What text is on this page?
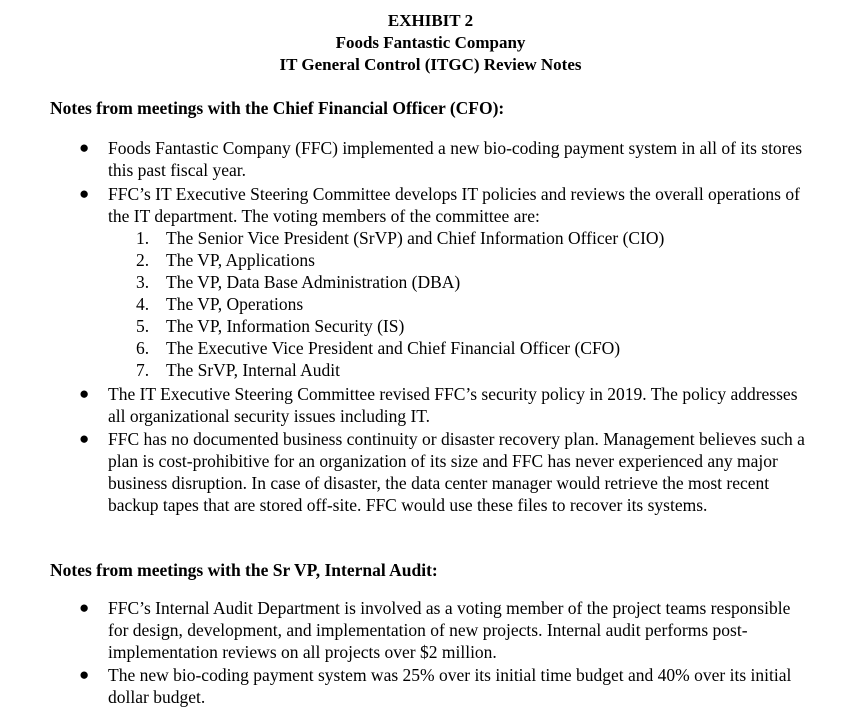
EXHIBIT 2
Foods Fantastic Company
IT General Control (ITGC) Review Notes
Notes from meetings with the Chief Financial Officer (CFO):
● Foods Fantastic Company (FFC) implemented a new bio-coding payment system in all of its stores this past fiscal year.
● FFC’s IT Executive Steering Committee develops IT policies and reviews the overall operations of the IT department. The voting members of the committee are:
1. The Senior Vice President (SrVP) and Chief Information Officer (CIO)
2. The VP, Applications
3. The VP, Data Base Administration (DBA)
4. The VP, Operations
5. The VP, Information Security (IS)
6. The Executive Vice President and Chief Financial Officer (CFO)
7. The SrVP, Internal Audit
● The IT Executive Steering Committee revised FFC’s security policy in 2019. The policy addresses all organizational security issues including IT.
● FFC has no documented business continuity or disaster recovery plan. Management believes such a plan is cost-prohibitive for an organization of its size and FFC has never experienced any major business disruption. In case of disaster, the data center manager would retrieve the most recent backup tapes that are stored off-site. FFC would use these files to recover its systems.
Notes from meetings with the Sr VP, Internal Audit:
● FFC’s Internal Audit Department is involved as a voting member of the project teams responsible for design, development, and implementation of new projects. Internal audit performs post-implementation reviews on all projects over $2 million.
● The new bio-coding payment system was 25% over its initial time budget and 40% over its initial dollar budget.
